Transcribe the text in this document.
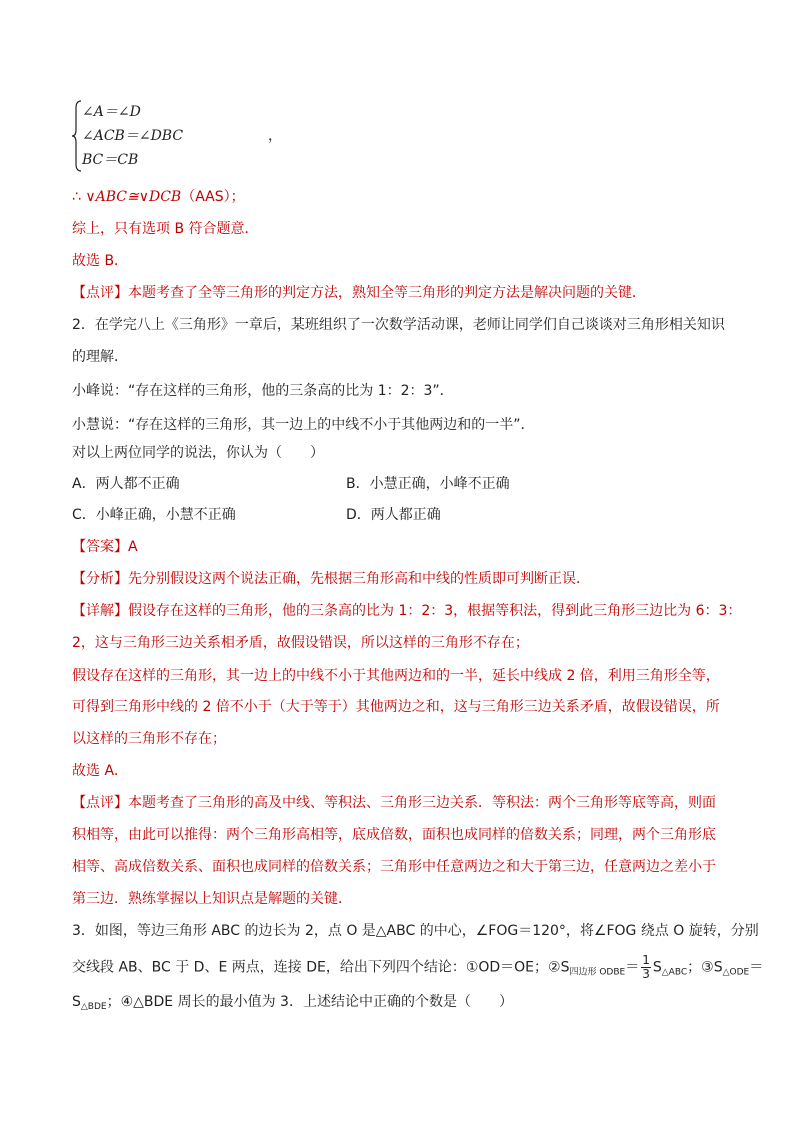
∠A＝∠D
∠ACB＝∠DBC
BC＝CB
，
∴ ∨ABC≅∨DCB（AAS）；
综上，只有选项 B 符合题意．
故选 B．
【点评】本题考查了全等三角形的判定方法，熟知全等三角形的判定方法是解决问题的关键．
2．在学完八上《三角形》一章后，某班组织了一次数学活动课，老师让同学们自己谈谈对三角形相关知识
的理解．
小峰说：“存在这样的三角形，他的三条高的比为 1：2：3”．
小慧说：“存在这样的三角形，其一边上的中线不小于其他两边和的一半”．
对以上两位同学的说法，你认为（　　）
A．两人都不正确	B．小慧正确，小峰不正确
C．小峰正确，小慧不正确	D．两人都正确
【答案】A
【分析】先分别假设这两个说法正确，先根据三角形高和中线的性质即可判断正误．
【详解】假设存在这样的三角形，他的三条高的比为 1：2：3，根据等积法，得到此三角形三边比为 6：3：
2，这与三角形三边关系相矛盾，故假设错误，所以这样的三角形不存在；
假设存在这样的三角形，其一边上的中线不小于其他两边和的一半，延长中线成 2 倍，利用三角形全等，
可得到三角形中线的 2 倍不小于（大于等于）其他两边之和，这与三角形三边关系矛盾，故假设错误，所
以这样的三角形不存在；
故选 A．
【点评】本题考查了三角形的高及中线、等积法、三角形三边关系．等积法：两个三角形等底等高，则面
积相等，由此可以推得：两个三角形高相等，底成倍数，面积也成同样的倍数关系；同理，两个三角形底
相等、高成倍数关系、面积也成同样的倍数关系；三角形中任意两边之和大于第三边，任意两边之差小于
第三边．熟练掌握以上知识点是解题的关键．
3．如图，等边三角形 ABC 的边长为 2，点 O 是△ABC 的中心，∠FOG＝120°，将∠FOG 绕点 O 旋转，分别
交线段 AB、BC 于 D、E 两点，连接 DE，给出下列四个结论：①OD＝OE；$②S_{四边形 ODBE}= \frac{1}{3} S_{\triangle ABC}$；$③S_{\triangle ODE}=$
$S_{\triangle BDE}$；④△BDE 周长的最小值为 3．上述结论中正确的个数是（　　）
